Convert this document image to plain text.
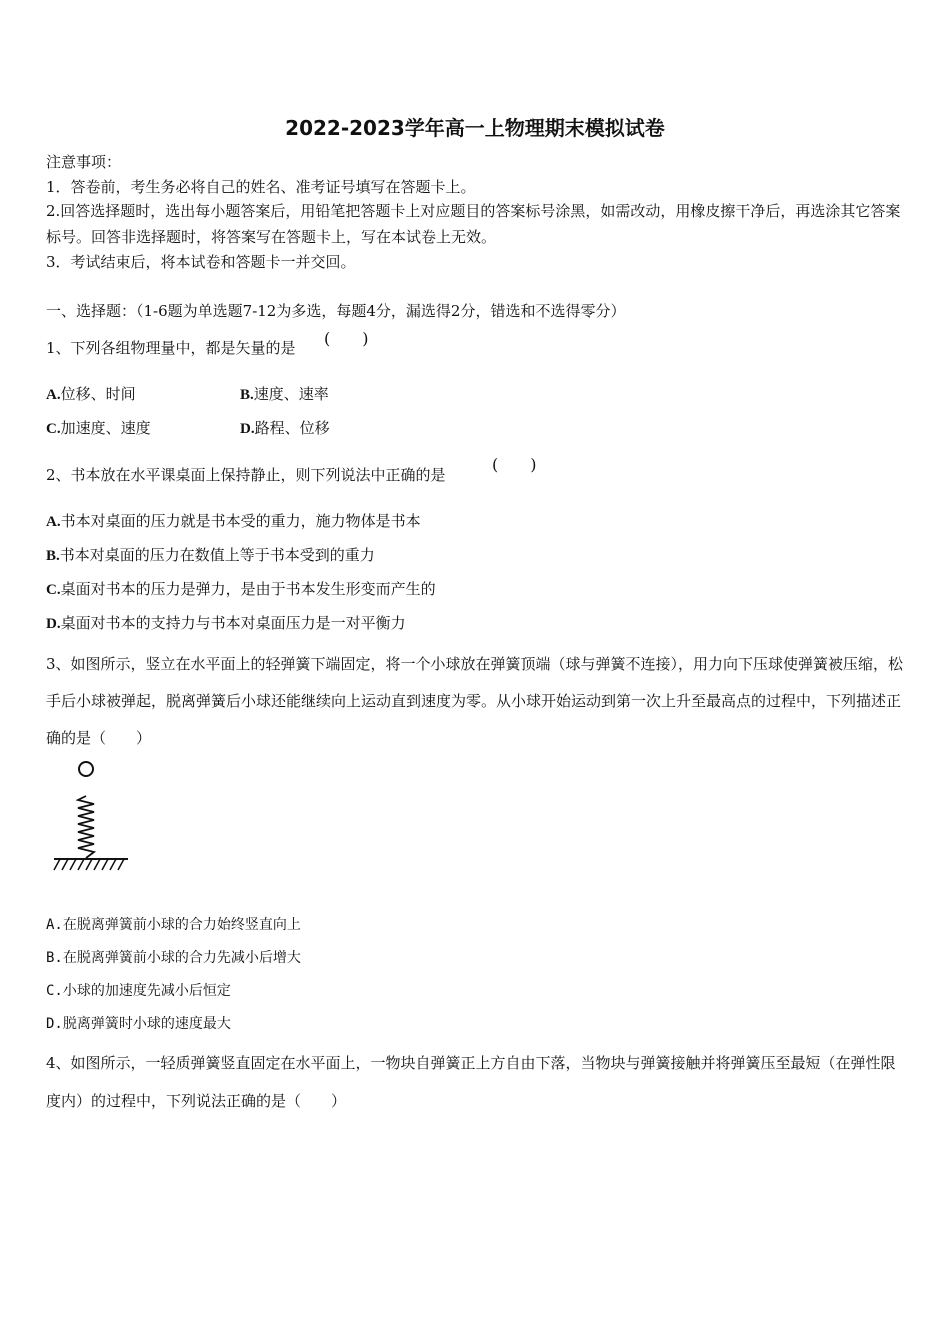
2022-2023学年高一上物理期末模拟试卷
注意事项：
1．答卷前，考生务必将自己的姓名、准考证号填写在答题卡上。
2.回答选择题时，选出每小题答案后，用铅笔把答题卡上对应题目的答案标号涂黑，如需改动，用橡皮擦干净后，再选涂其它答案标号。回答非选择题时，将答案写在答题卡上，写在本试卷上无效。
3．考试结束后，将本试卷和答题卡一并交回。
一、选择题：（1-6题为单选题7-12为多选，每题4分，漏选得2分，错选和不选得零分）
1、下列各组物理量中，都是矢量的是 (　　)
A.位移、时间	B.速度、速率
C.加速度、速度	D.路程、位移
2、书本放在水平课桌面上保持静止，则下列说法中正确的是
(　　)
A.书本对桌面的压力就是书本受的重力，施力物体是书本
B.书本对桌面的压力在数值上等于书本受到的重力
C.桌面对书本的压力是弹力，是由于书本发生形变而产生的
D.桌面对书本的支持力与书本对桌面压力是一对平衡力
3、如图所示，竖立在水平面上的轻弹簧下端固定，将一个小球放在弹簧顶端（球与弹簧不连接），用力向下压球使弹簧被压缩，松手后小球被弹起，脱离弹簧后小球还能继续向上运动直到速度为零。从小球开始运动到第一次上升至最高点的过程中，下列描述正确的是（　　）
A.在脱离弹簧前小球的合力始终竖直向上
B.在脱离弹簧前小球的合力先减小后增大
C.小球的加速度先减小后恒定
D.脱离弹簧时小球的速度最大
4、如图所示，一轻质弹簧竖直固定在水平面上，一物块自弹簧正上方自由下落，当物块与弹簧接触并将弹簧压至最短（在弹性限度内）的过程中，下列说法正确的是（　　）
